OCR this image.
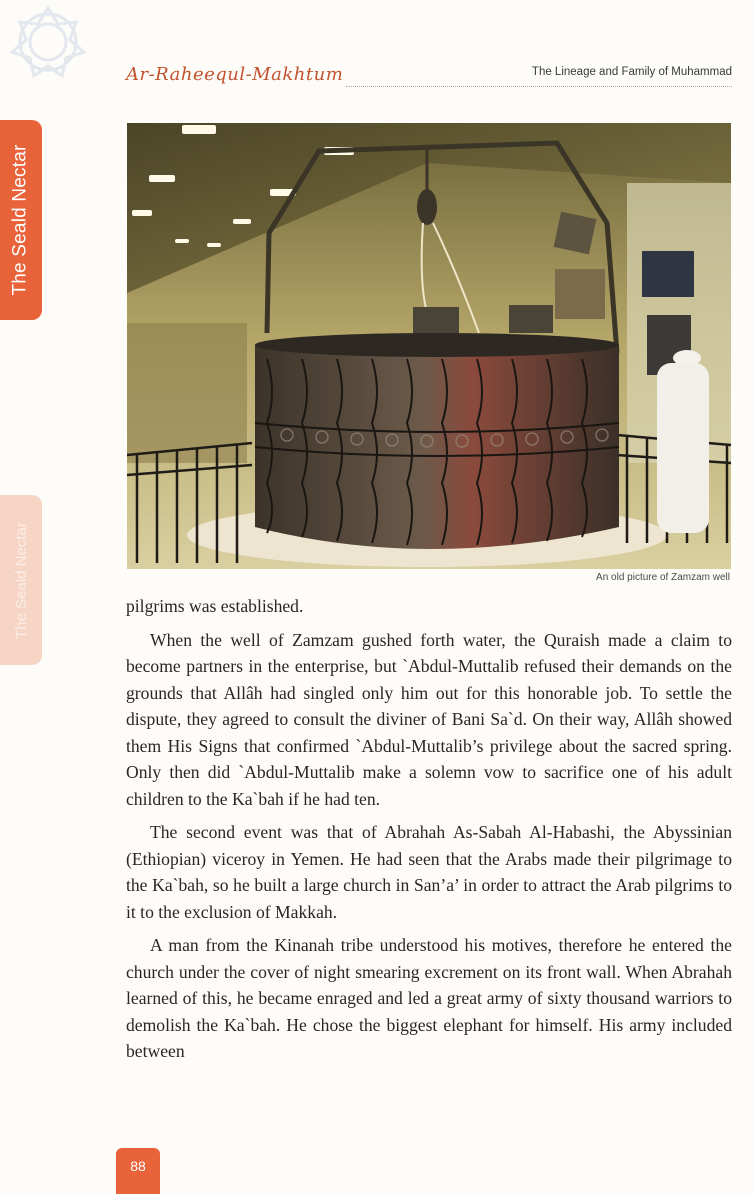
The Seald Nectar
The Seald Nectar
Ar-Raheequl-Makhtum	The Lineage and Family of Muhammad
An old picture of Zamzam well

pilgrims was established.

When the well of Zamzam gushed forth water, the Quraish made a claim to become partners in the enterprise, but `Abdul-Muttalib refused their demands on the grounds that Allâh had singled only him out for this honorable job. To settle the dispute, they agreed to consult the diviner of Bani Sa`d. On their way, Allâh showed them His Signs that confirmed `Abdul-Muttalib’s privilege about the sacred spring. Only then did `Abdul-Muttalib make a solemn vow to sacrifice one of his adult children to the Ka`bah if he had ten.

The second event was that of Abrahah As-Sabah Al-Habashi, the Abyssinian (Ethiopian) viceroy in Yemen. He had seen that the Arabs made their pilgrimage to the Ka`bah, so he built a large church in San’a’ in order to attract the Arab pilgrims to it to the exclusion of Makkah.

A man from the Kinanah tribe understood his motives, therefore he entered the church under the cover of night smearing excrement on its front wall. When Abrahah learned of this, he became enraged and led a great army of sixty thousand warriors to demolish the Ka`bah. He chose the biggest elephant for himself. His army included between

88
